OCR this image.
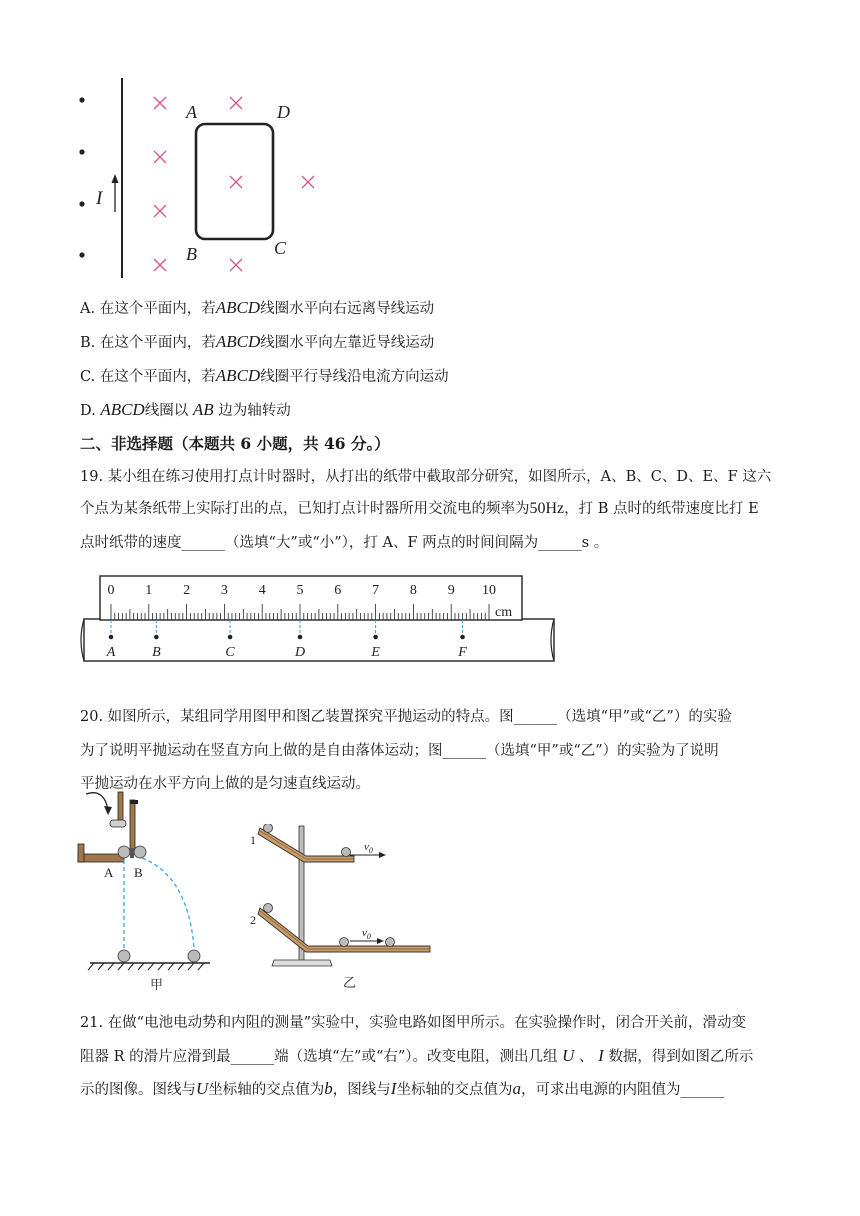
I
A	D
B	C
A. 在这个平面内，若ABCD线圈水平向右远离导线运动
B. 在这个平面内，若ABCD线圈水平向左靠近导线运动
C. 在这个平面内，若ABCD线圈平行导线沿电流方向运动
D. ABCD线圈以 AB 边为轴转动
二、非选择题（本题共 6 小题，共 46 分。）
19. 某小组在练习使用打点计时器时，从打出的纸带中截取部分研究，如图所示，A、B、C、D、E、F 这六
个点为某条纸带上实际打出的点，已知打点计时器所用交流电的频率为50Hz，打 B 点时的纸带速度比打 E
点时纸带的速度______（选填“大”或“小”），打 A、F 两点的时间间隔为______s 。
0 1 2 3 4 5 6 7 8 9 10
cm
A	B	C	D	E	F
20. 如图所示，某组同学用图甲和图乙装置探究平抛运动的特点。图______（选填“甲”或“乙”）的实验
为了说明平抛运动在竖直方向上做的是自由落体运动；图______（选填“甲”或“乙”）的实验为了说明
平抛运动在水平方向上做的是匀速直线运动。
A B
甲
1	$v_0$
2
$v_0$
乙
21. 在做“电池电动势和内阻的测量”实验中，实验电路如图甲所示。在实验操作时，闭合开关前，滑动变
阻器 R 的滑片应滑到最______端（选填“左”或“右”）。改变电阻，测出几组 U 、 I 数据，得到如图乙所示
示的图像。图线与U坐标轴的交点值为b，图线与I坐标轴的交点值为a，可求出电源的内阻值为______
